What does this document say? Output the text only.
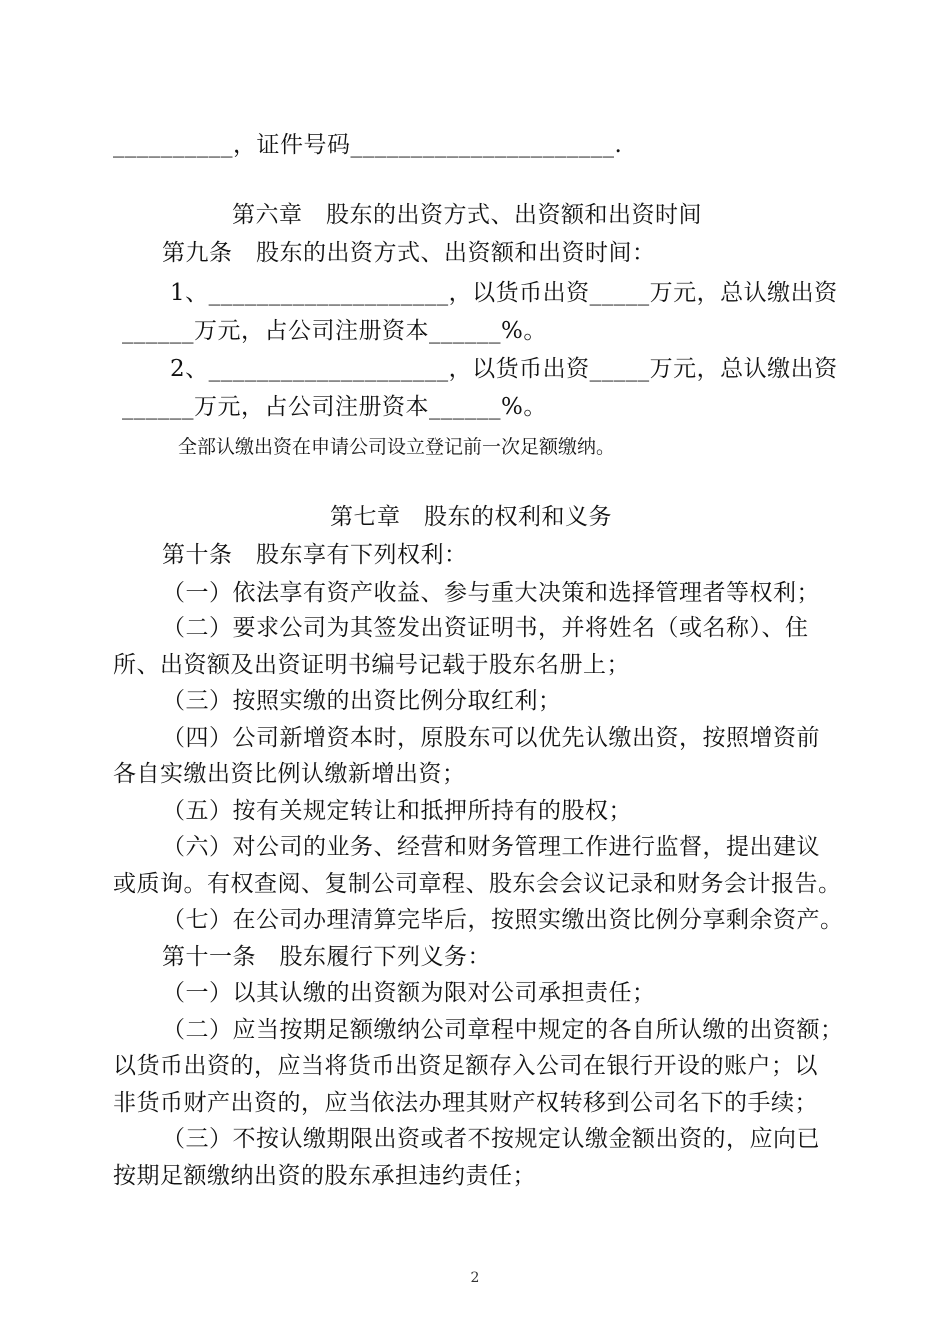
__________，证件号码______________________.
第六章　股东的出资方式、出资额和出资时间
第九条　股东的出资方式、出资额和出资时间：
1、____________________，以货币出资_____万元，总认缴出资
______万元，占公司注册资本______%。
2、____________________，以货币出资_____万元，总认缴出资
______万元，占公司注册资本______%。
全部认缴出资在申请公司设立登记前一次足额缴纳。
第七章　股东的权利和义务
第十条　股东享有下列权利：
（一）依法享有资产收益、参与重大决策和选择管理者等权利；
（二）要求公司为其签发出资证明书，并将姓名（或名称）、住
所、出资额及出资证明书编号记载于股东名册上；
（三）按照实缴的出资比例分取红利；
（四）公司新增资本时，原股东可以优先认缴出资，按照增资前
各自实缴出资比例认缴新增出资；
（五）按有关规定转让和抵押所持有的股权；
（六）对公司的业务、经营和财务管理工作进行监督，提出建议
或质询。有权查阅、复制公司章程、股东会会议记录和财务会计报告。
（七）在公司办理清算完毕后，按照实缴出资比例分享剩余资产。
第十一条　股东履行下列义务：
（一）以其认缴的出资额为限对公司承担责任；
（二）应当按期足额缴纳公司章程中规定的各自所认缴的出资额；
以货币出资的，应当将货币出资足额存入公司在银行开设的账户；以
非货币财产出资的，应当依法办理其财产权转移到公司名下的手续；
（三）不按认缴期限出资或者不按规定认缴金额出资的，应向已
按期足额缴纳出资的股东承担违约责任；
2
